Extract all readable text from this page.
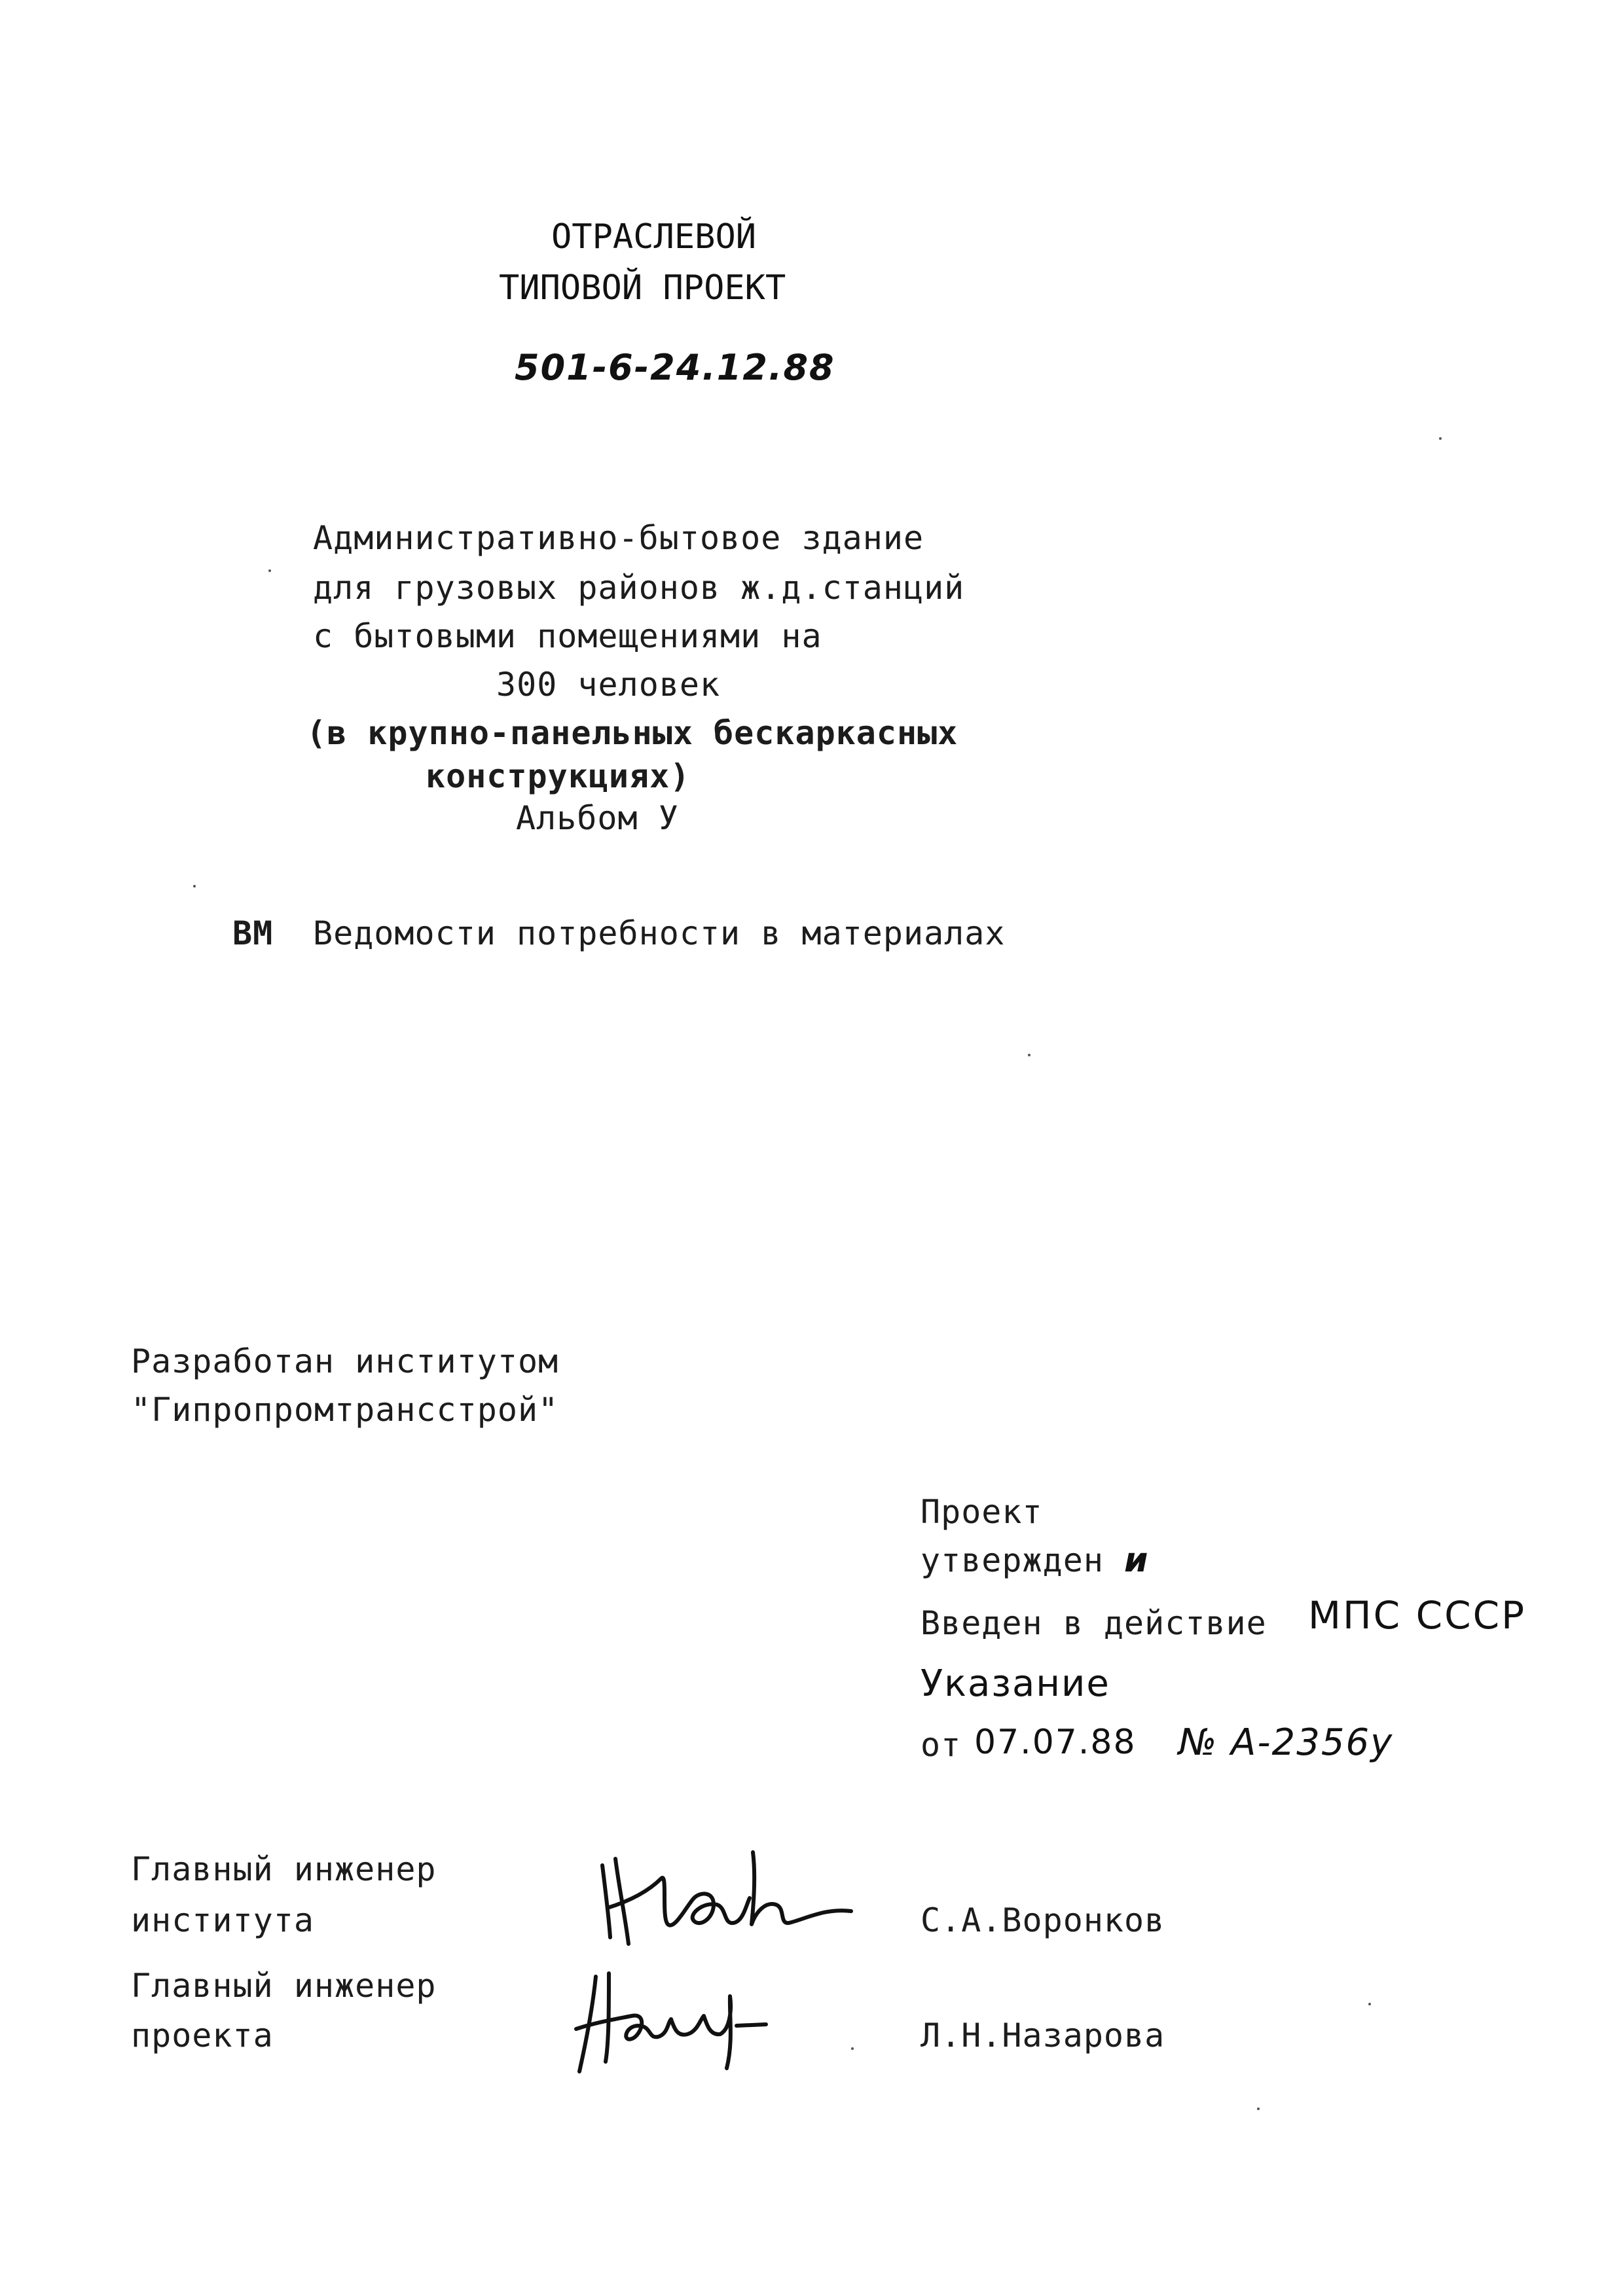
ОТРАСЛЕВОЙ
ТИПОВОЙ ПРОЕКТ
501-6-24.12.88
Административно-бытовое здание
для грузовых районов ж.д.станций
с бытовыми помещениями на
300 человек
(в крупно-панельных бескаркасных
конструкциях)
Альбом У
ВМ Ведомости потребности в материалах
Разработан институтом
"Гипропромтрансстрой"
Проект
утвержден и
Введен в действие МПС СССР
Указание
от 07.07.88 № А-2356у
Главный инженер
института	С.А.Воронков
Главный инженер
проекта	Л.Н.Назарова
